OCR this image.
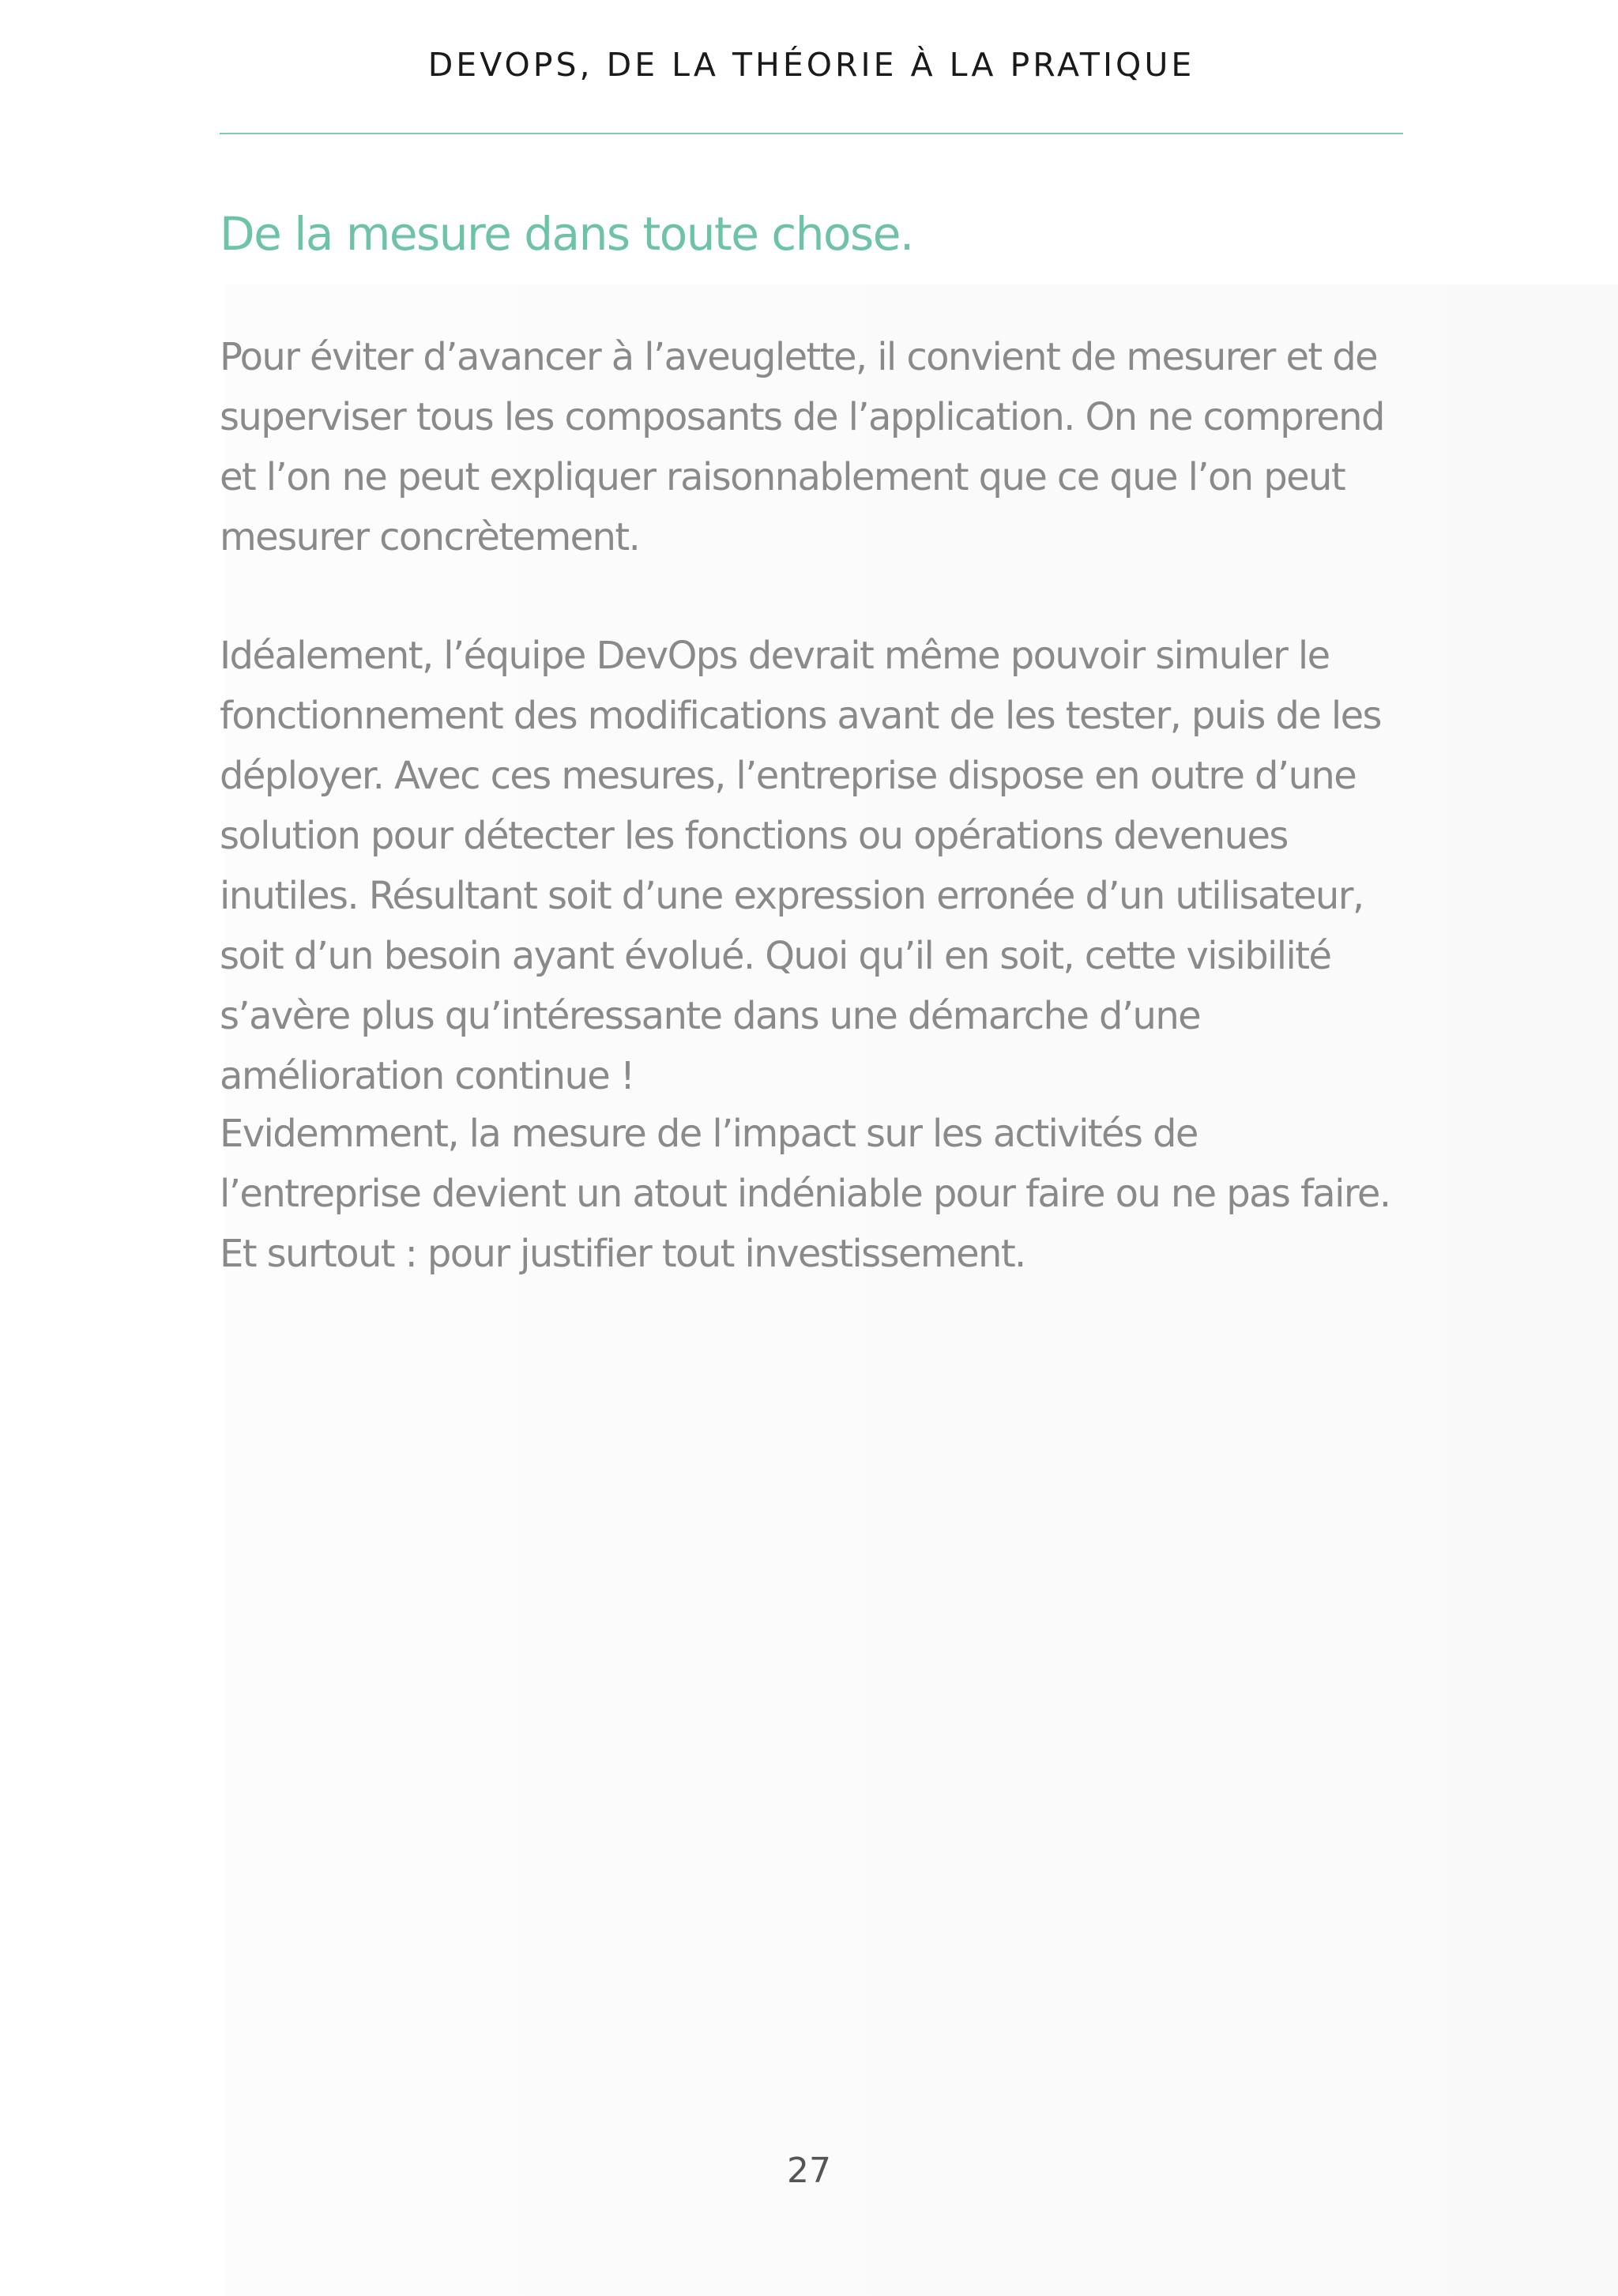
DEVOPS, DE LA THÉORIE À LA PRATIQUE
De la mesure dans toute chose.

Pour éviter d’avancer à l’aveuglette, il convient de mesurer et de superviser tous les composants de l’application. On ne comprend et l’on ne peut expliquer raisonnablement que ce que l’on peut mesurer concrètement.

Idéalement, l’équipe DevOps devrait même pouvoir simuler le fonctionnement des modifications avant de les tester, puis de les déployer. Avec ces mesures, l’entreprise dispose en outre d’une solution pour détecter les fonctions ou opérations devenues inutiles. Résultant soit d’une expression erronée d’un utilisateur, soit d’un besoin ayant évolué. Quoi qu’il en soit, cette visibilité s’avère plus qu’intéressante dans une démarche d’une amélioration continue !

Evidemment, la mesure de l’impact sur les activités de l’entreprise devient un atout indéniable pour faire ou ne pas faire. Et surtout : pour justifier tout investissement.

27
